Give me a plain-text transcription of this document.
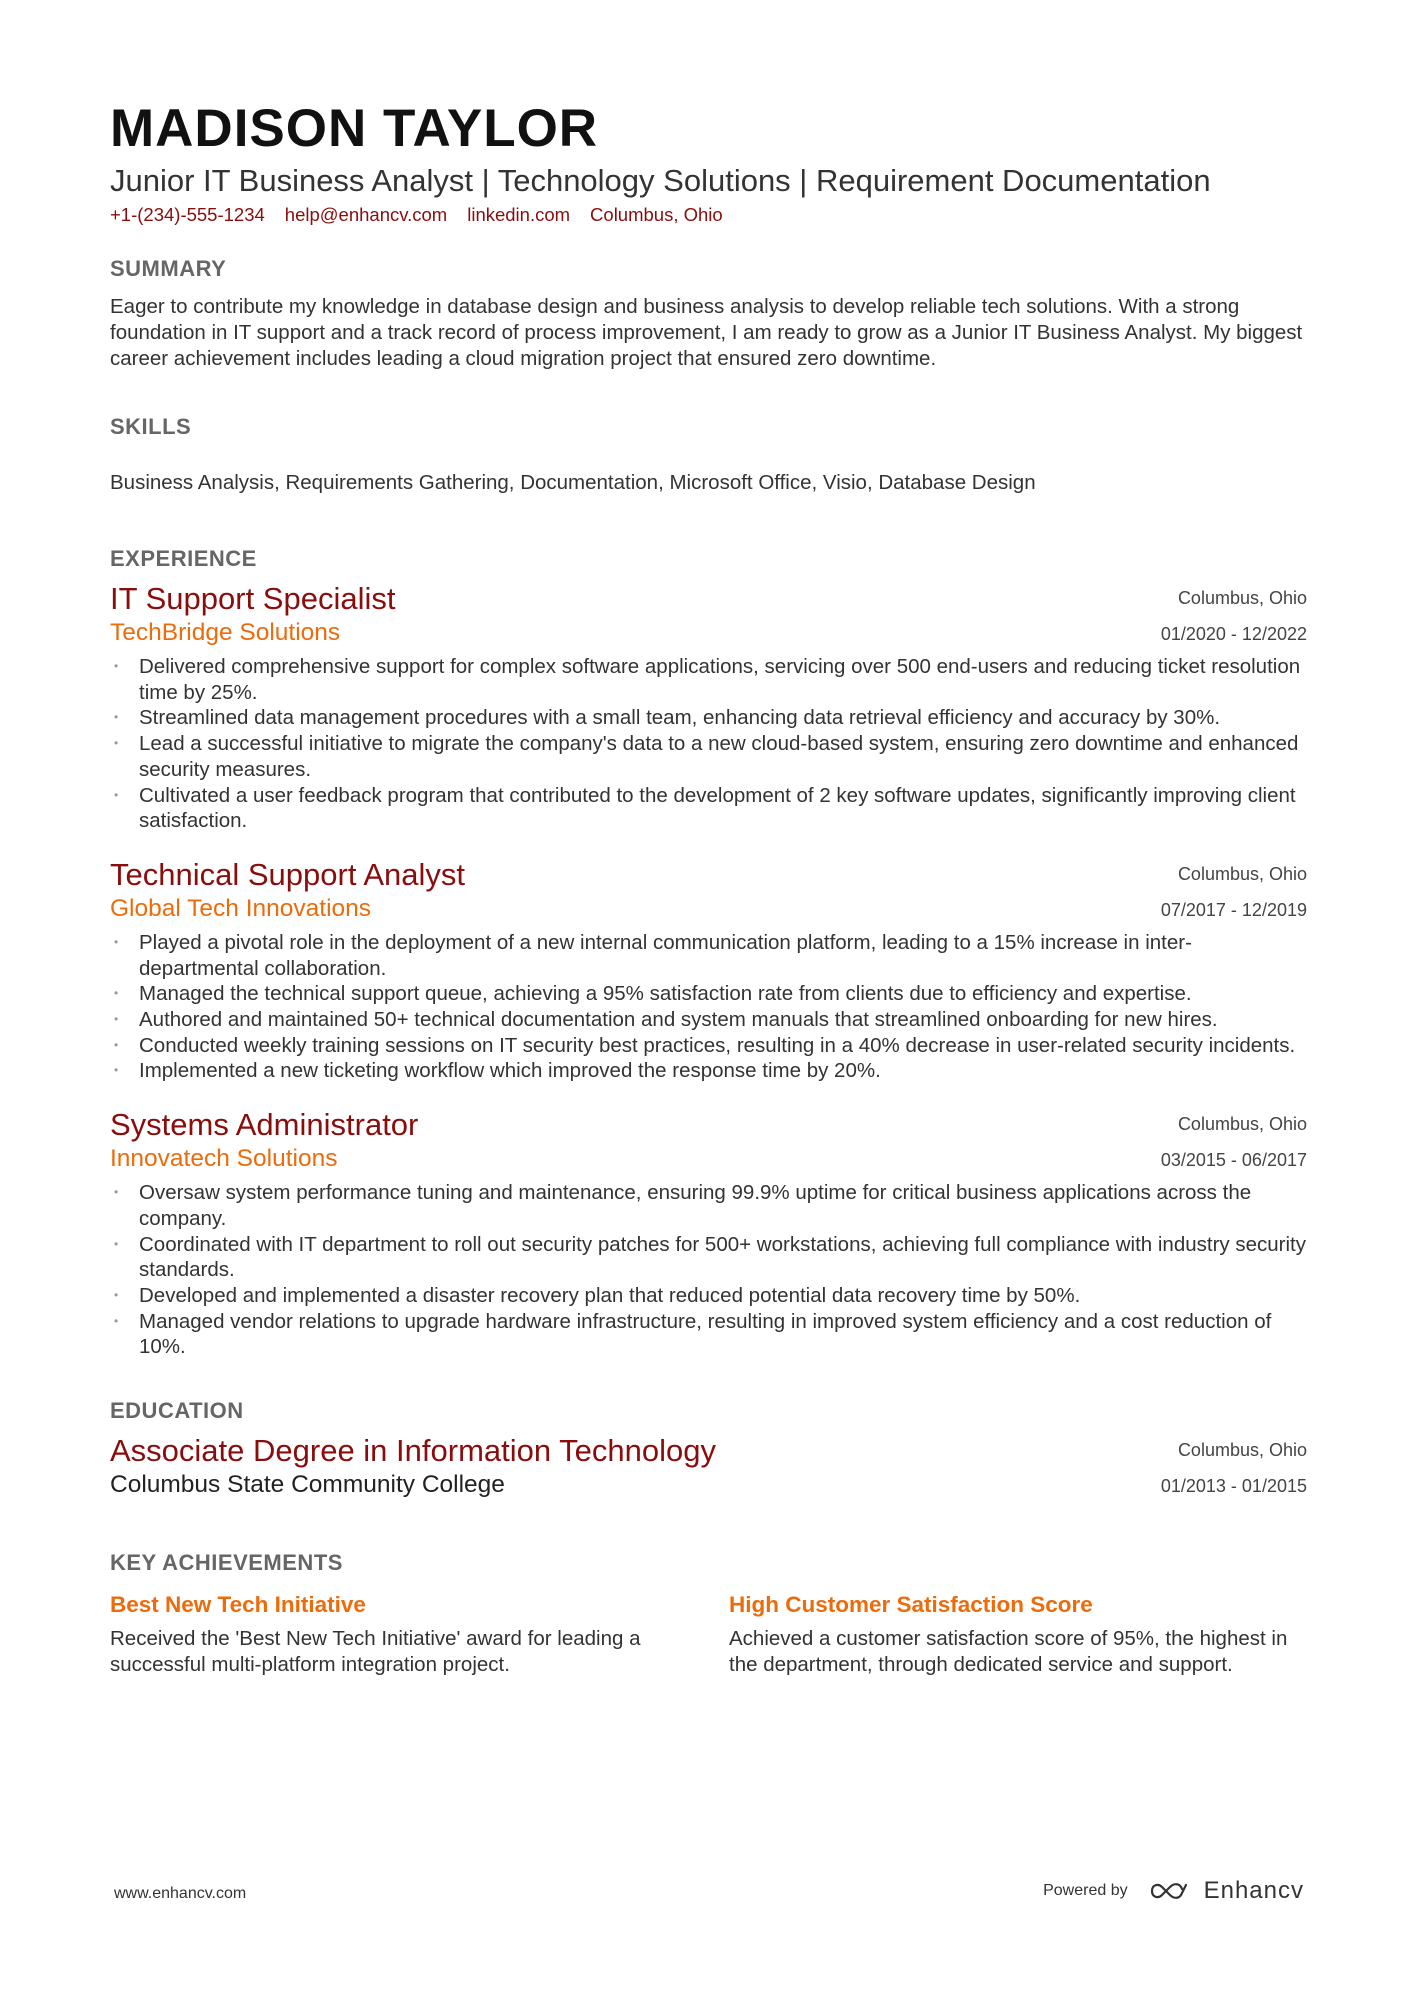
MADISON TAYLOR
Junior IT Business Analyst | Technology Solutions | Requirement Documentation
+1-(234)-555-1234 help@enhancv.com linkedin.com Columbus, Ohio
SUMMARY
Eager to contribute my knowledge in database design and business analysis to develop reliable tech solutions. With a strong foundation in IT support and a track record of process improvement, I am ready to grow as a Junior IT Business Analyst. My biggest career achievement includes leading a cloud migration project that ensured zero downtime.
SKILLS
Business Analysis, Requirements Gathering, Documentation, Microsoft Office, Visio, Database Design
EXPERIENCE
IT Support Specialist
TechBridge Solutions
Columbus, Ohio
01/2020 - 12/2022
• Delivered comprehensive support for complex software applications, servicing over 500 end-users and reducing ticket resolution time by 25%.
• Streamlined data management procedures with a small team, enhancing data retrieval efficiency and accuracy by 30%.
• Lead a successful initiative to migrate the company's data to a new cloud-based system, ensuring zero downtime and enhanced security measures.
• Cultivated a user feedback program that contributed to the development of 2 key software updates, significantly improving client satisfaction.
Technical Support Analyst
Global Tech Innovations
Columbus, Ohio
07/2017 - 12/2019
• Played a pivotal role in the deployment of a new internal communication platform, leading to a 15% increase in inter-departmental collaboration.
• Managed the technical support queue, achieving a 95% satisfaction rate from clients due to efficiency and expertise.
• Authored and maintained 50+ technical documentation and system manuals that streamlined onboarding for new hires.
• Conducted weekly training sessions on IT security best practices, resulting in a 40% decrease in user-related security incidents.
• Implemented a new ticketing workflow which improved the response time by 20%.
Systems Administrator
Innovatech Solutions
Columbus, Ohio
03/2015 - 06/2017
• Oversaw system performance tuning and maintenance, ensuring 99.9% uptime for critical business applications across the company.
• Coordinated with IT department to roll out security patches for 500+ workstations, achieving full compliance with industry security standards.
• Developed and implemented a disaster recovery plan that reduced potential data recovery time by 50%.
• Managed vendor relations to upgrade hardware infrastructure, resulting in improved system efficiency and a cost reduction of 10%.
EDUCATION
Associate Degree in Information Technology
Columbus State Community College
Columbus, Ohio
01/2013 - 01/2015
KEY ACHIEVEMENTS
Best New Tech Initiative
Received the 'Best New Tech Initiative' award for leading a successful multi-platform integration project.
High Customer Satisfaction Score
Achieved a customer satisfaction score of 95%, the highest in the department, through dedicated service and support.
www.enhancv.com	Powered by	Enhancv
